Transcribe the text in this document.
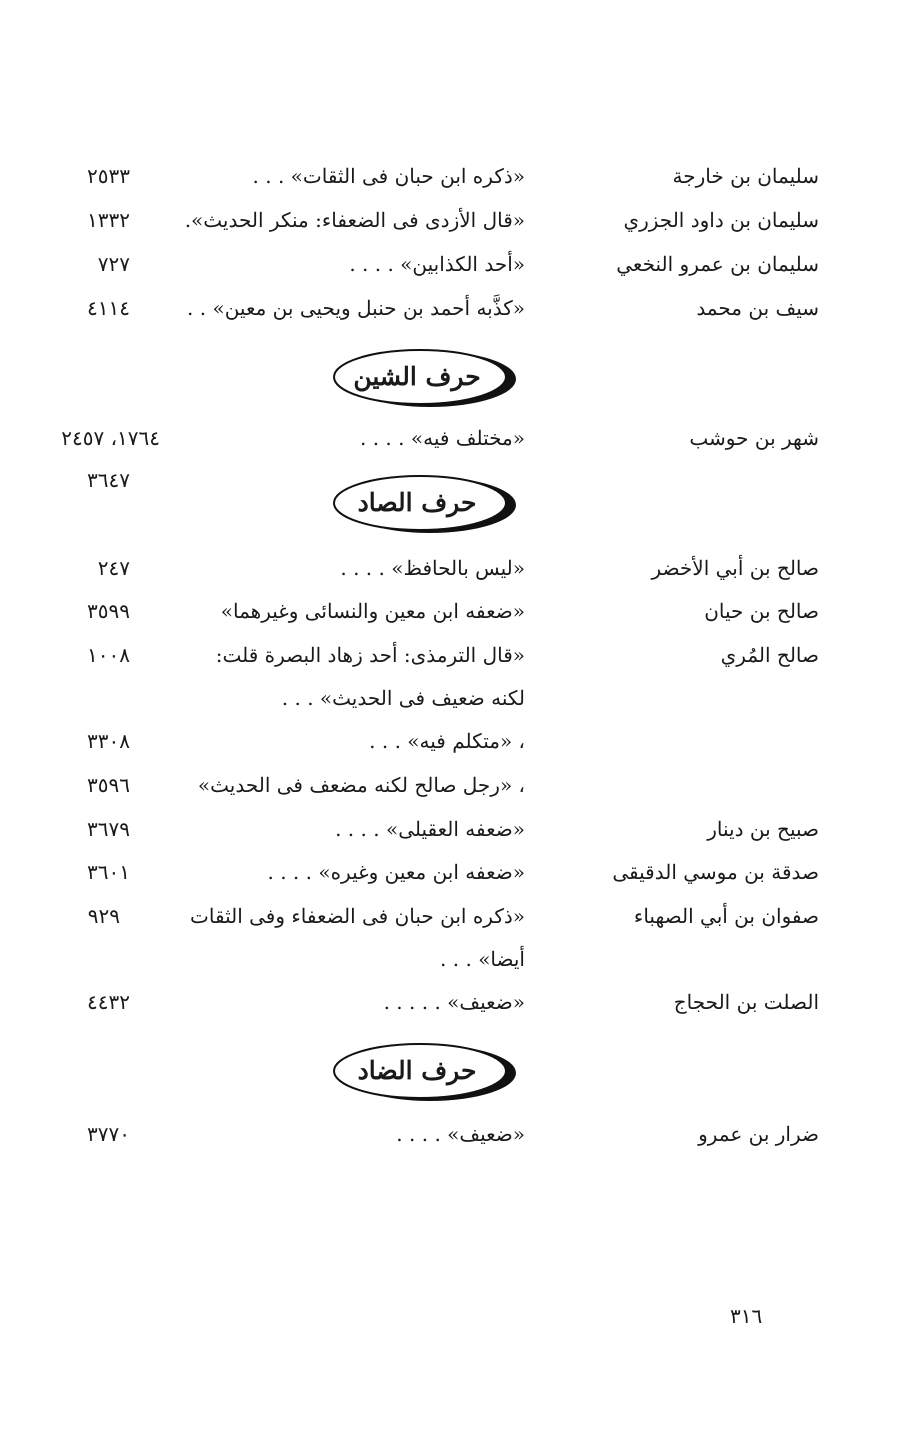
سليمان بن خارجة
«ذكره ابن حبان فى الثقات» . . .
٢٥٣٣
سليمان بن داود الجزري
«قال الأزدى فى الضعفاء: منكر الحديث».
١٣٣٢
سليمان بن عمرو النخعي
«أحد الكذابين» . . . .
٧٢٧
سيف بن محمد
«كذَّبه أحمد بن حنبل ويحيى بن معين» . .
٤١١٤
حرف الشين
شهر بن حوشب
«مختلف فيه» . . . .
١٧٦٤، ٢٤٥٧
٣٦٤٧
حرف الصاد
صالح بن أبي الأخضر
«ليس بالحافظ» . . . .
٢٤٧
صالح بن حيان
«ضعفه ابن معين والنسائى وغيرهما»
٣٥٩٩
صالح المُري
«قال الترمذى: أحد زهاد البصرة قلت:
١٠٠٨
لكنه ضعيف فى الحديث» . . .
، «متكلم فيه» . . .
٣٣٠٨
، «رجل صالح لكنه مضعف فى الحديث»
٣٥٩٦
صبيح بن دينار
«ضعفه العقيلى» . . . .
٣٦٧٩
صدقة بن موسي الدقيقى
«ضعفه ابن معين وغيره» . . . .
٣٦٠١
صفوان بن أبي الصهباء
«ذكره ابن حبان فى الضعفاء وفى الثقات
٩٢٩
أيضا» . . .
الصلت بن الحجاج
«ضعيف» . . . . .
٤٤٣٢
حرف الضاد
ضرار بن عمرو
«ضعيف» . . . .
٣٧٧٠
٣١٦
